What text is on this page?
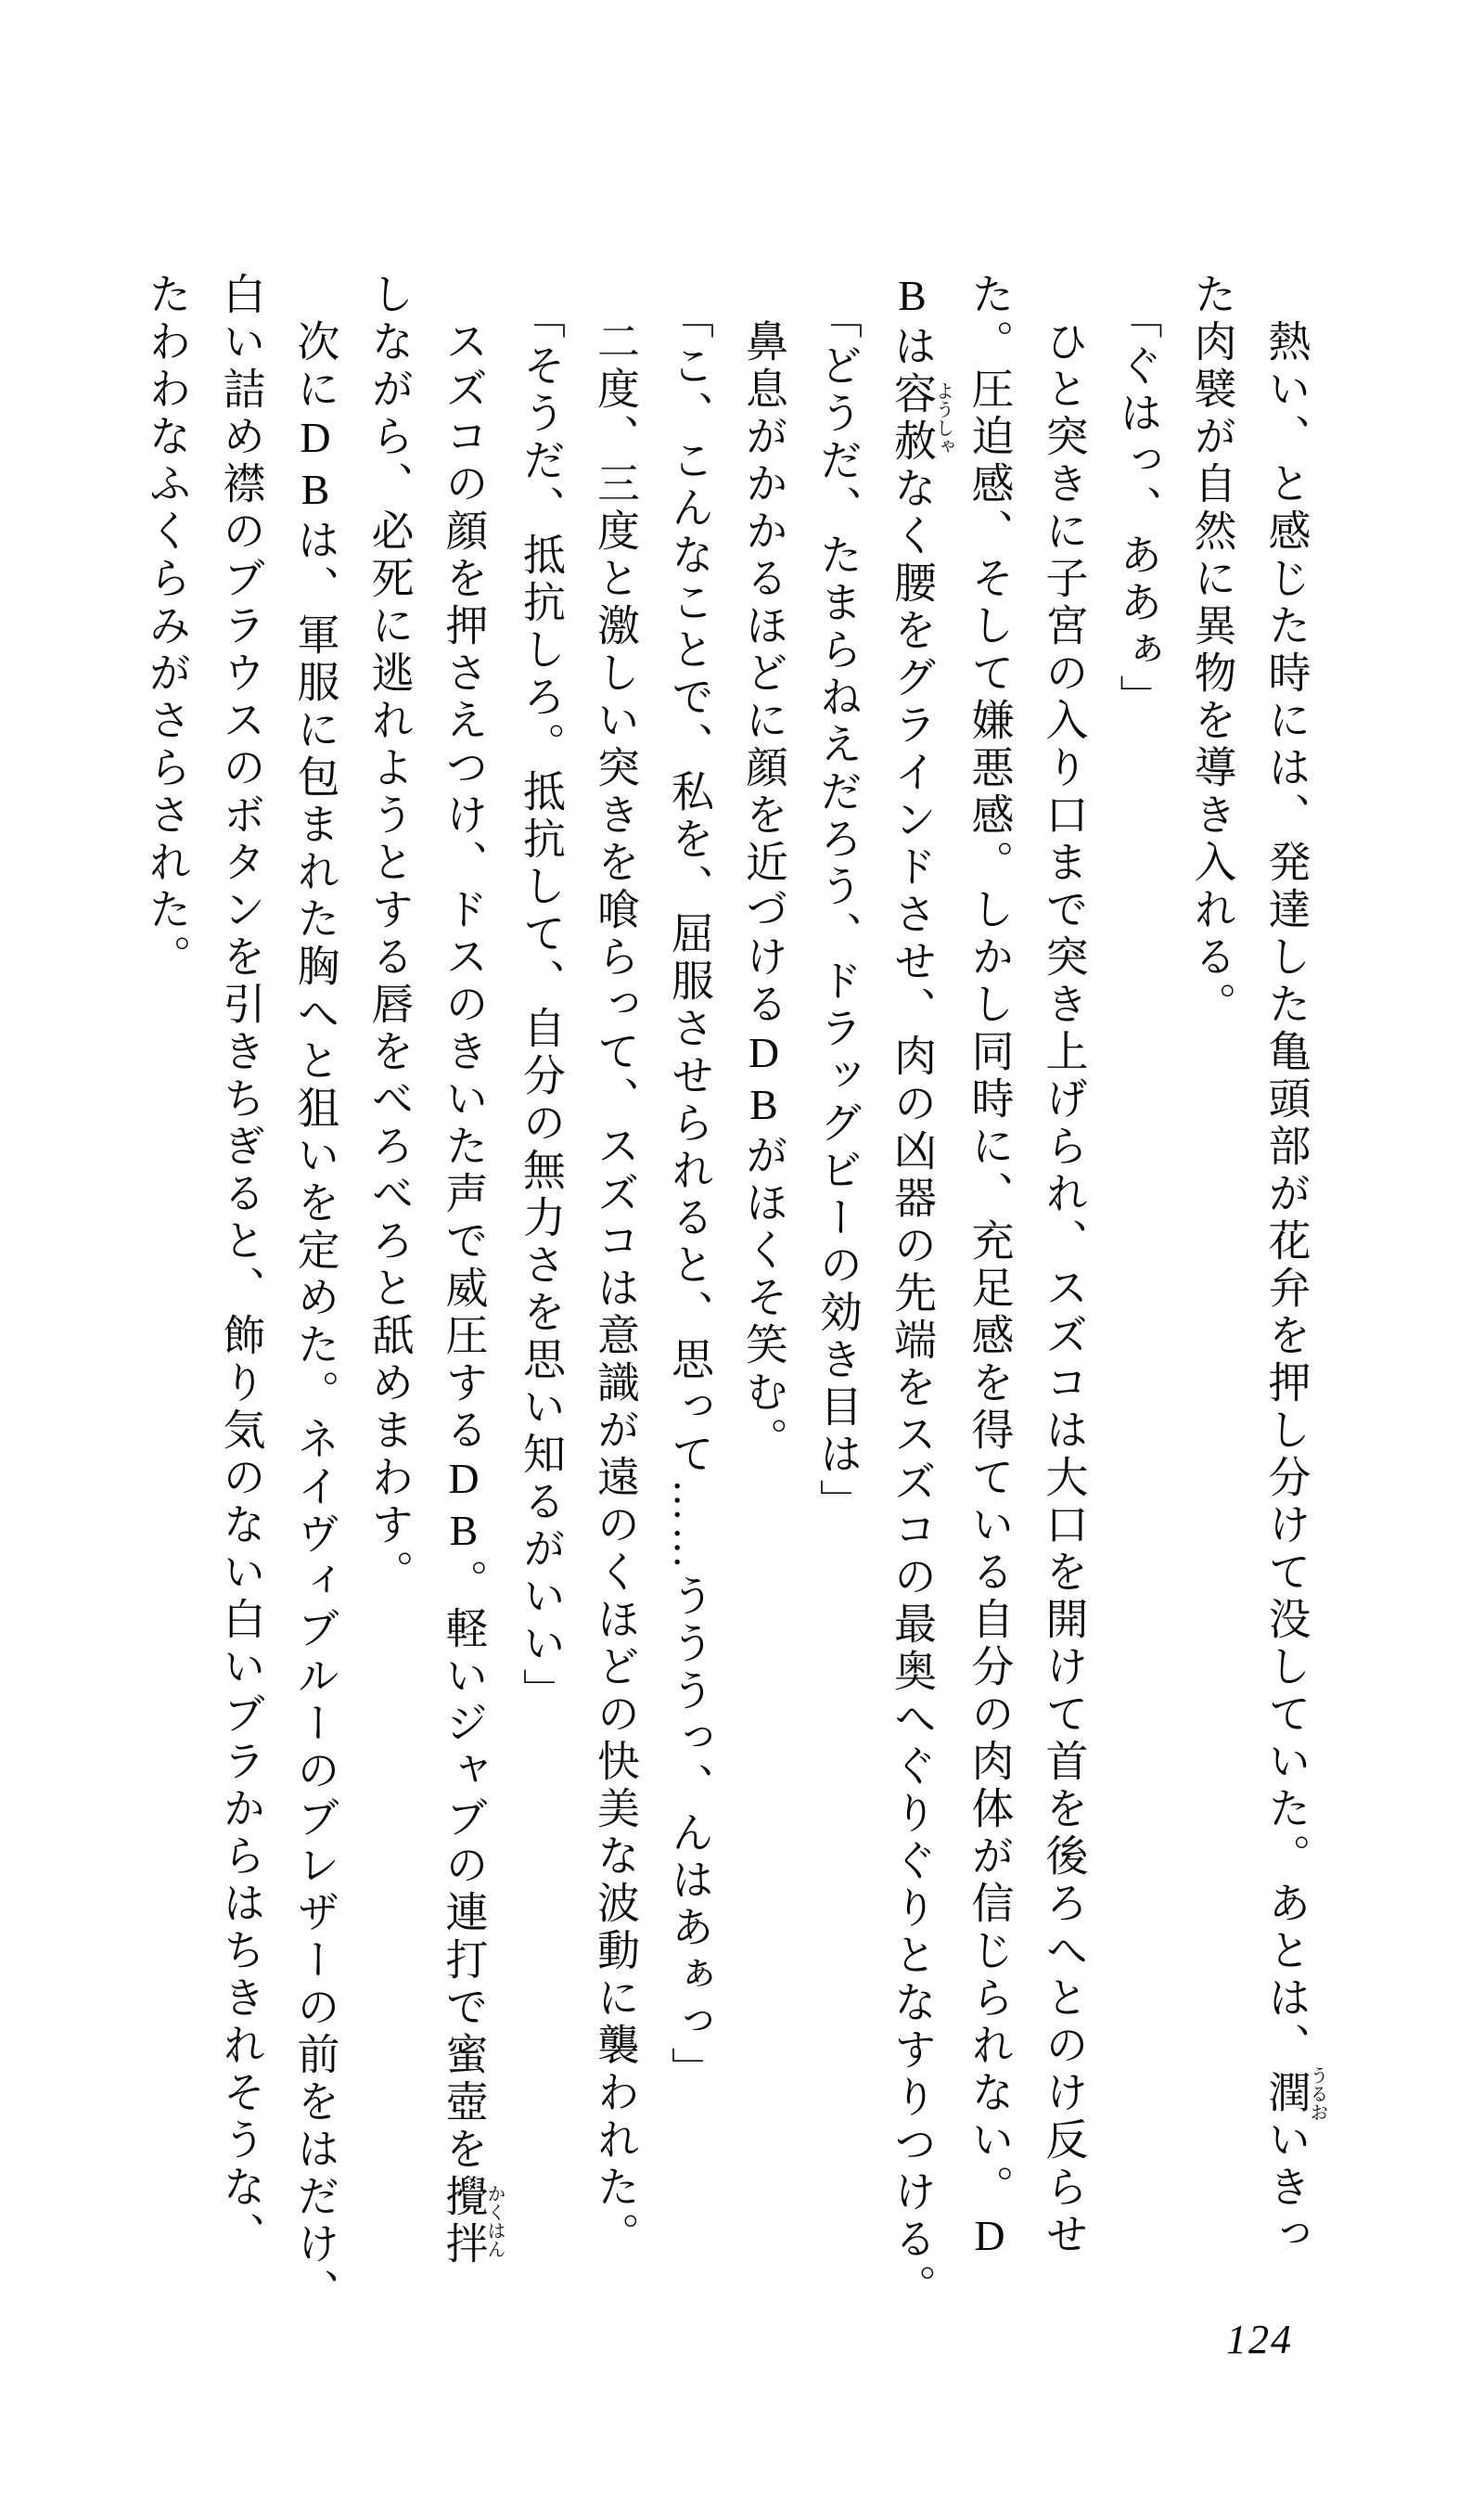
熱い、と感じた時には、発達した亀頭部が花弁を押し分けて没していた。あとは、潤うるおいきっ
た肉襞が自然に異物を導き入れる。
「ぐはっ、ああぁ」
ひと突きに子宮の入り口まで突き上げられ、スズコは大口を開けて首を後ろへとのけ反らせ
た。圧迫感、そして嫌悪感。しかし同時に、充足感を得ている自分の肉体が信じられない。D
Bは容赦ようしゃなく腰をグラインドさせ、肉の凶器の先端をスズコの最奥へぐりぐりとなすりつける。
「どうだ、たまらねえだろう、ドラッグビーの効き目は」
鼻息がかかるほどに顔を近づけるDBがほくそ笑む。
「こ、こんなことで、私を、屈服させられると、思って……うううっ、んはあぁっ」
二度、三度と激しい突きを喰らって、スズコは意識が遠のくほどの快美な波動に襲われた。
「そうだ、抵抗しろ。抵抗して、自分の無力さを思い知るがいい」
スズコの顔を押さえつけ、ドスのきいた声で威圧するDB。軽いジャブの連打で蜜壺を攪拌かくはん
しながら、必死に逃れようとする唇をべろべろと舐めまわす。
次にDBは、軍服に包まれた胸へと狙いを定めた。ネイヴィブルーのブレザーの前をはだけ、
白い詰め襟のブラウスのボタンを引きちぎると、飾り気のない白いブラからはちきれそうな、
たわわなふくらみがさらされた。
124
